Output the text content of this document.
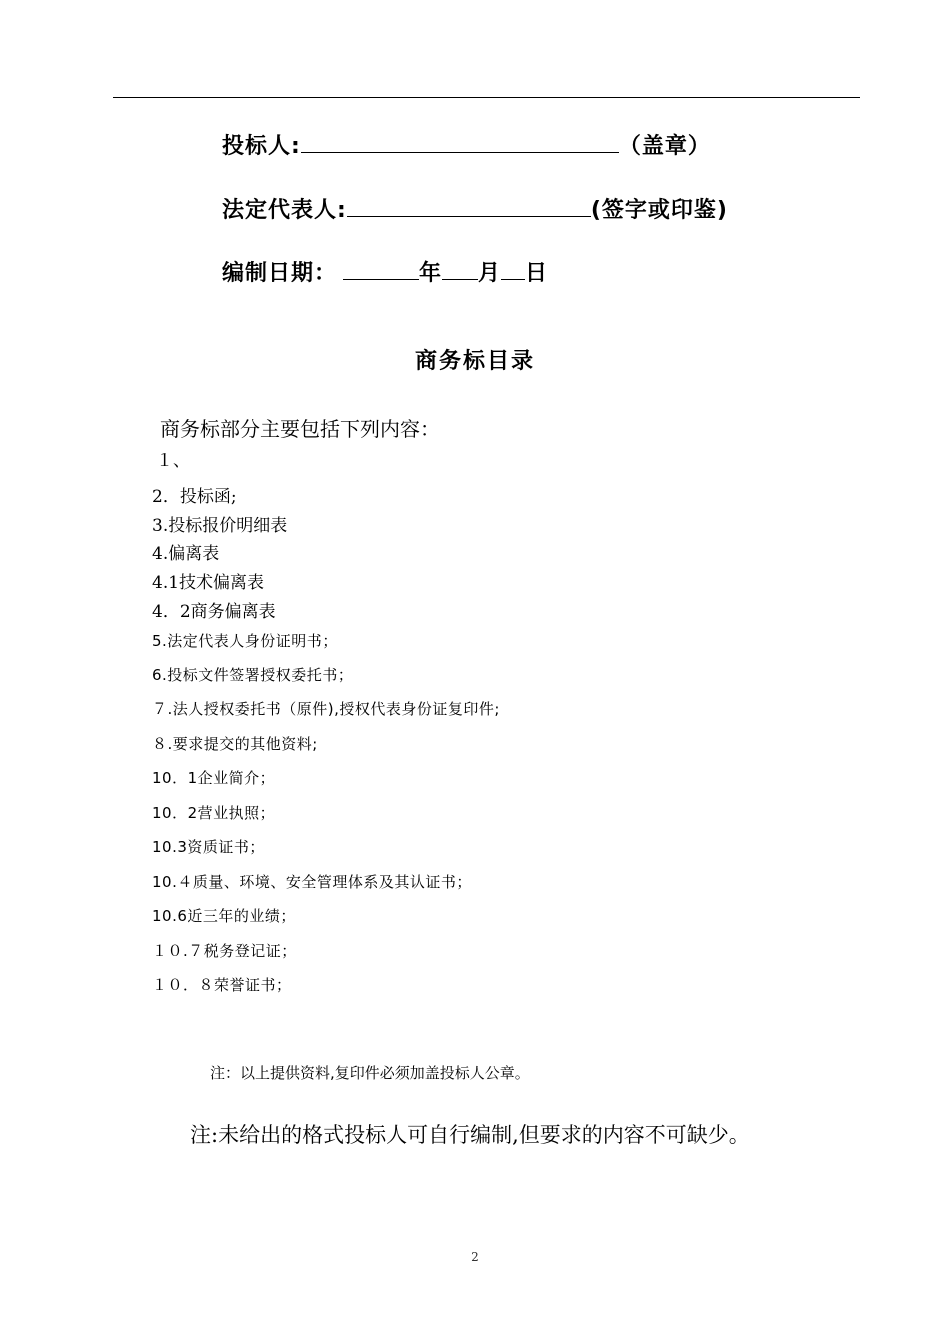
投标人:	（盖章）
法定代表人:	(签字或印鉴)
编制日期：	年 月 日
商务标目录
商务标部分主要包括下列内容：
１、
2．投标函;
3.投标报价明细表
4.偏离表
4.1技术偏离表
4．2商务偏离表
5.法定代表人身份证明书；
6.投标文件签署授权委托书；
７.法人授权委托书（原件),授权代表身份证复印件;
８.要求提交的其他资料;
10．1企业简介；
10．2营业执照；
10.3资质证书；
10.４质量、环境、安全管理体系及其认证书；
10.6近三年的业绩；
１０.７税务登记证；
１０．８荣誉证书；
注：以上提供资料,复印件必须加盖投标人公章。
注:未给出的格式投标人可自行编制,但要求的内容不可缺少。
2
